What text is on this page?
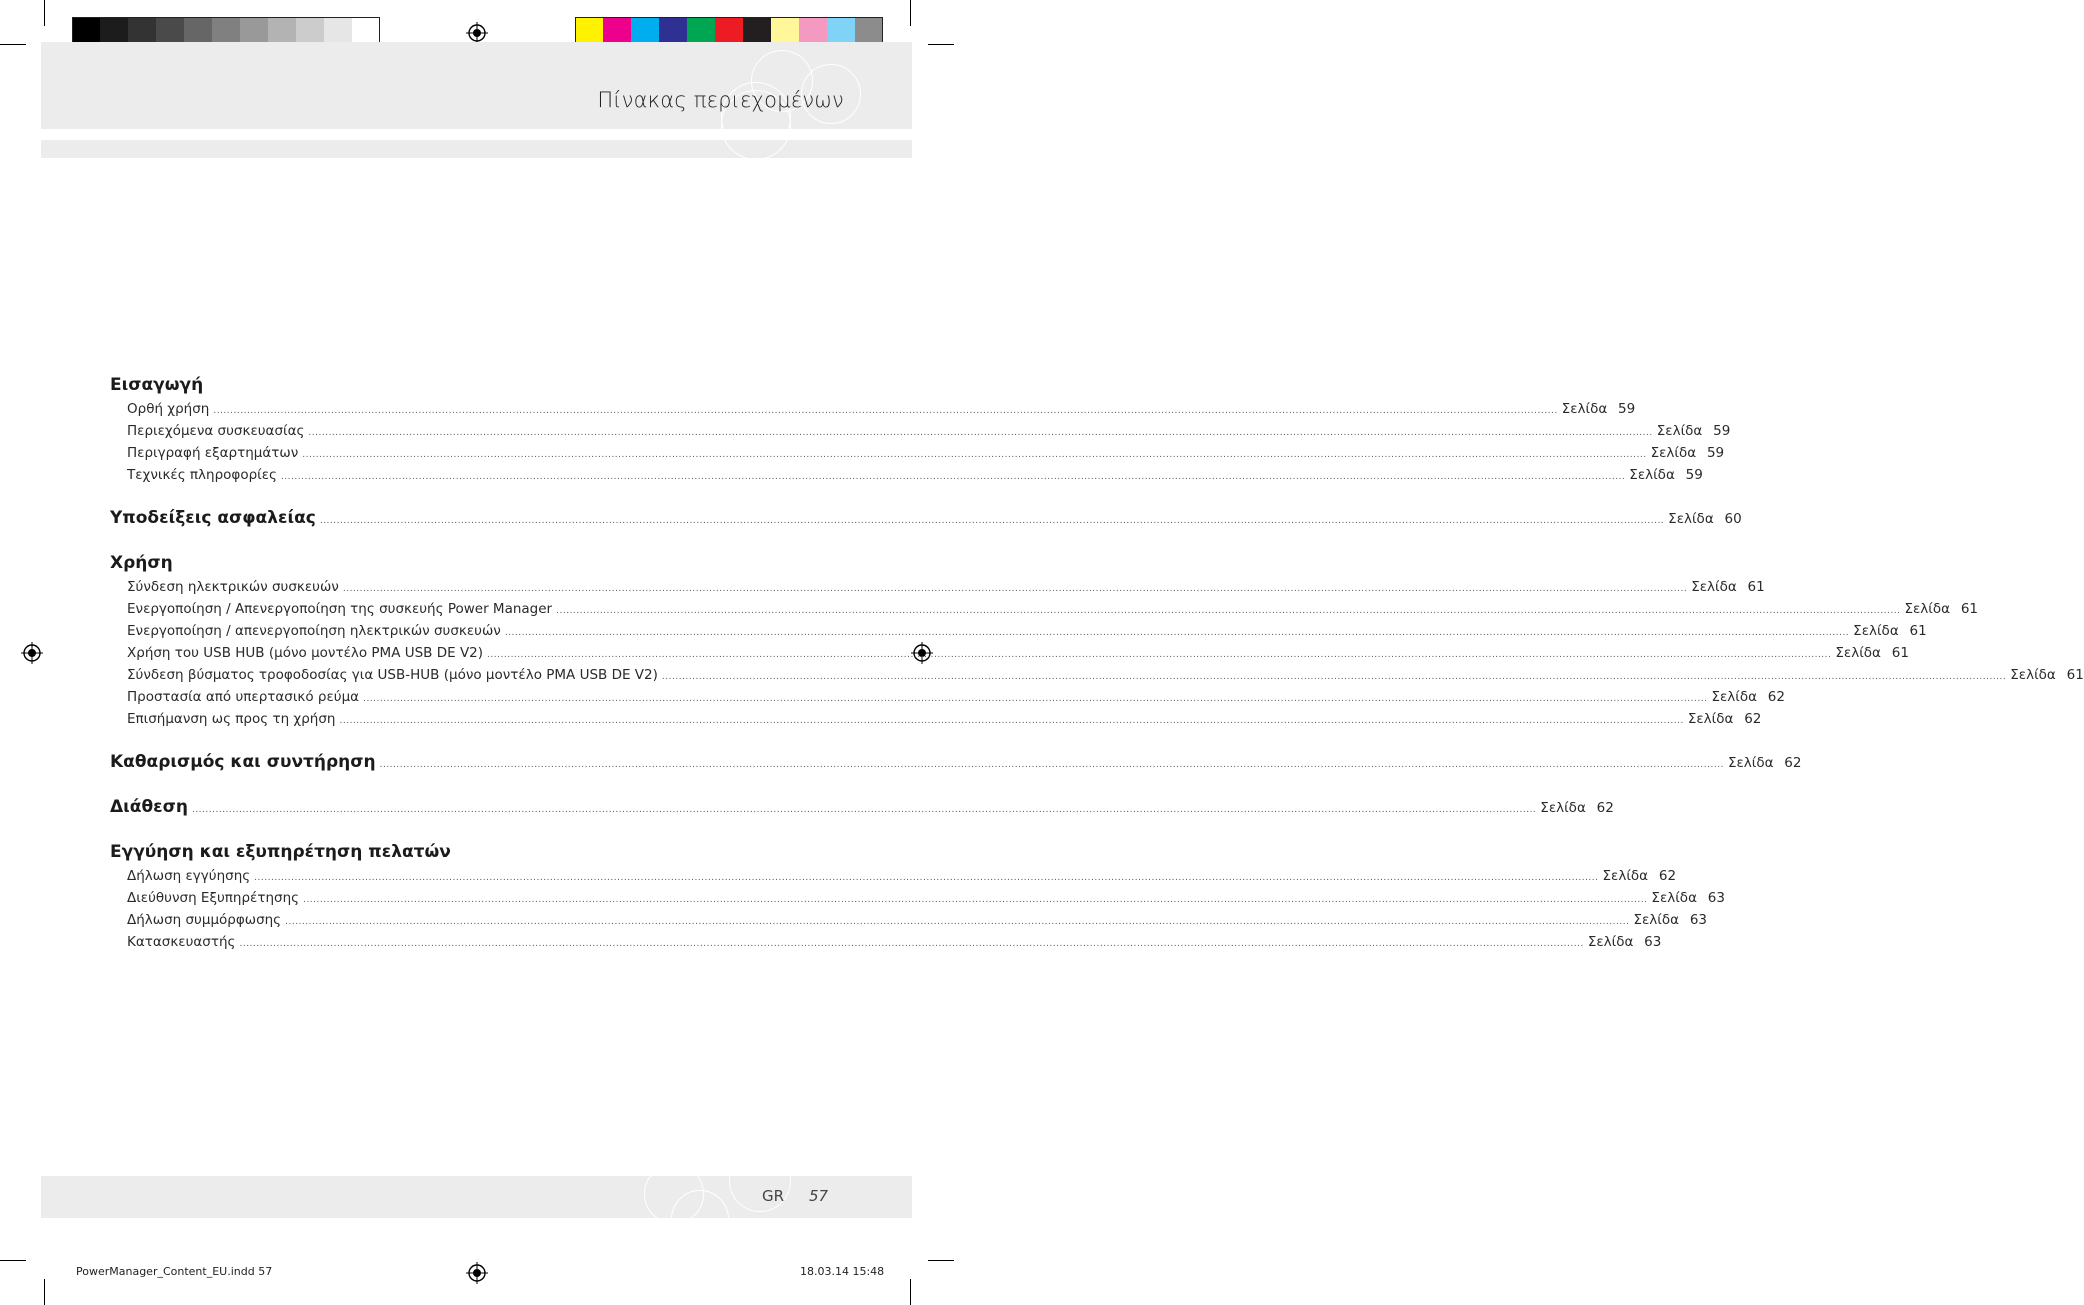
Πίνακας περιεχομένων
Εισαγωγή
Ορθή χρήση ................................................................................................................................................................................................................................................................................................................................................................................................................ Σελίδα 59
Περιεχόμενα συσκευασίας ................................................................................................................................................................................................................................................................................................................................................................................................................ Σελίδα 59
Περιγραφή εξαρτημάτων ................................................................................................................................................................................................................................................................................................................................................................................................................ Σελίδα 59
Τεχνικές πληροφορίες ................................................................................................................................................................................................................................................................................................................................................................................................................ Σελίδα 59
Υποδείξεις ασφαλείας ................................................................................................................................................................................................................................................................................................................................................................................................................ Σελίδα 60
Χρήση
Σύνδεση ηλεκτρικών συσκευών ................................................................................................................................................................................................................................................................................................................................................................................................................ Σελίδα 61
Ενεργοποίηση / Απενεργοποίηση της συσκευής Power Manager ................................................................................................................................................................................................................................................................................................................................................................................................................ Σελίδα 61
Ενεργοποίηση / απενεργοποίηση ηλεκτρικών συσκευών ................................................................................................................................................................................................................................................................................................................................................................................................................ Σελίδα 61
Χρήση του USB HUB (μόνο μοντέλο PMA USB DE V2) ................................................................................................................................................................................................................................................................................................................................................................................................................ Σελίδα 61
Σύνδεση βύσματος τροφοδοσίας για USB-HUB (μόνο μοντέλο PMA USB DE V2) ................................................................................................................................................................................................................................................................................................................................................................................................................ Σελίδα 61
Προστασία από υπερτασικό ρεύμα ................................................................................................................................................................................................................................................................................................................................................................................................................ Σελίδα 62
Επισήμανση ως προς τη χρήση ................................................................................................................................................................................................................................................................................................................................................................................................................ Σελίδα 62
Καθαρισμός και συντήρηση ................................................................................................................................................................................................................................................................................................................................................................................................................ Σελίδα 62
Διάθεση ................................................................................................................................................................................................................................................................................................................................................................................................................ Σελίδα 62
Εγγύηση και εξυπηρέτηση πελατών
Δήλωση εγγύησης ................................................................................................................................................................................................................................................................................................................................................................................................................ Σελίδα 62
Διεύθυνση Εξυπηρέτησης ................................................................................................................................................................................................................................................................................................................................................................................................................ Σελίδα 63
Δήλωση συμμόρφωσης ................................................................................................................................................................................................................................................................................................................................................................................................................ Σελίδα 63
Κατασκευαστής ................................................................................................................................................................................................................................................................................................................................................................................................................ Σελίδα 63
GR 57
PowerManager_Content_EU.indd 57	18.03.14 15:48
